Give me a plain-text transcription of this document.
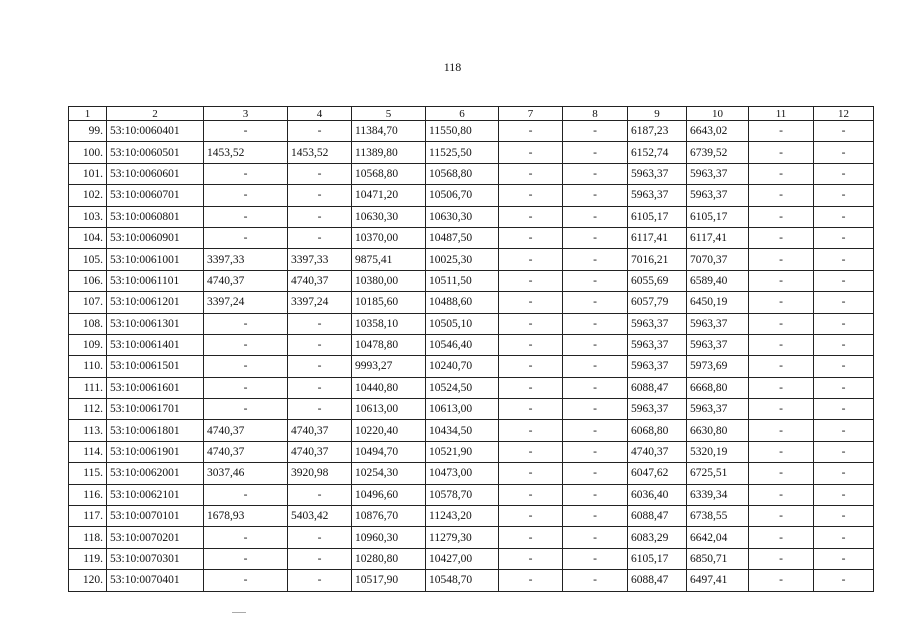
118
1	2	3	4	5	6	7	8	9	10	11	12
99.	53:10:0060401	-	-	11384,70	11550,80	-	-	6187,23	6643,02	-	-
100.	53:10:0060501	1453,52	1453,52	11389,80	11525,50	-	-	6152,74	6739,52	-	-
101.	53:10:0060601	-	-	10568,80	10568,80	-	-	5963,37	5963,37	-	-
102.	53:10:0060701	-	-	10471,20	10506,70	-	-	5963,37	5963,37	-	-
103.	53:10:0060801	-	-	10630,30	10630,30	-	-	6105,17	6105,17	-	-
104.	53:10:0060901	-	-	10370,00	10487,50	-	-	6117,41	6117,41	-	-
105.	53:10:0061001	3397,33	3397,33	9875,41	10025,30	-	-	7016,21	7070,37	-	-
106.	53:10:0061101	4740,37	4740,37	10380,00	10511,50	-	-	6055,69	6589,40	-	-
107.	53:10:0061201	3397,24	3397,24	10185,60	10488,60	-	-	6057,79	6450,19	-	-
108.	53:10:0061301	-	-	10358,10	10505,10	-	-	5963,37	5963,37	-	-
109.	53:10:0061401	-	-	10478,80	10546,40	-	-	5963,37	5963,37	-	-
110.	53:10:0061501	-	-	9993,27	10240,70	-	-	5963,37	5973,69	-	-
111.	53:10:0061601	-	-	10440,80	10524,50	-	-	6088,47	6668,80	-	-
112.	53:10:0061701	-	-	10613,00	10613,00	-	-	5963,37	5963,37	-	-
113.	53:10:0061801	4740,37	4740,37	10220,40	10434,50	-	-	6068,80	6630,80	-	-
114.	53:10:0061901	4740,37	4740,37	10494,70	10521,90	-	-	4740,37	5320,19	-	-
115.	53:10:0062001	3037,46	3920,98	10254,30	10473,00	-	-	6047,62	6725,51	-	-
116.	53:10:0062101	-	-	10496,60	10578,70	-	-	6036,40	6339,34	-	-
117.	53:10:0070101	1678,93	5403,42	10876,70	11243,20	-	-	6088,47	6738,55	-	-
118.	53:10:0070201	-	-	10960,30	11279,30	-	-	6083,29	6642,04	-	-
119.	53:10:0070301	-	-	10280,80	10427,00	-	-	6105,17	6850,71	-	-
120.	53:10:0070401	-	-	10517,90	10548,70	-	-	6088,47	6497,41	-	-
